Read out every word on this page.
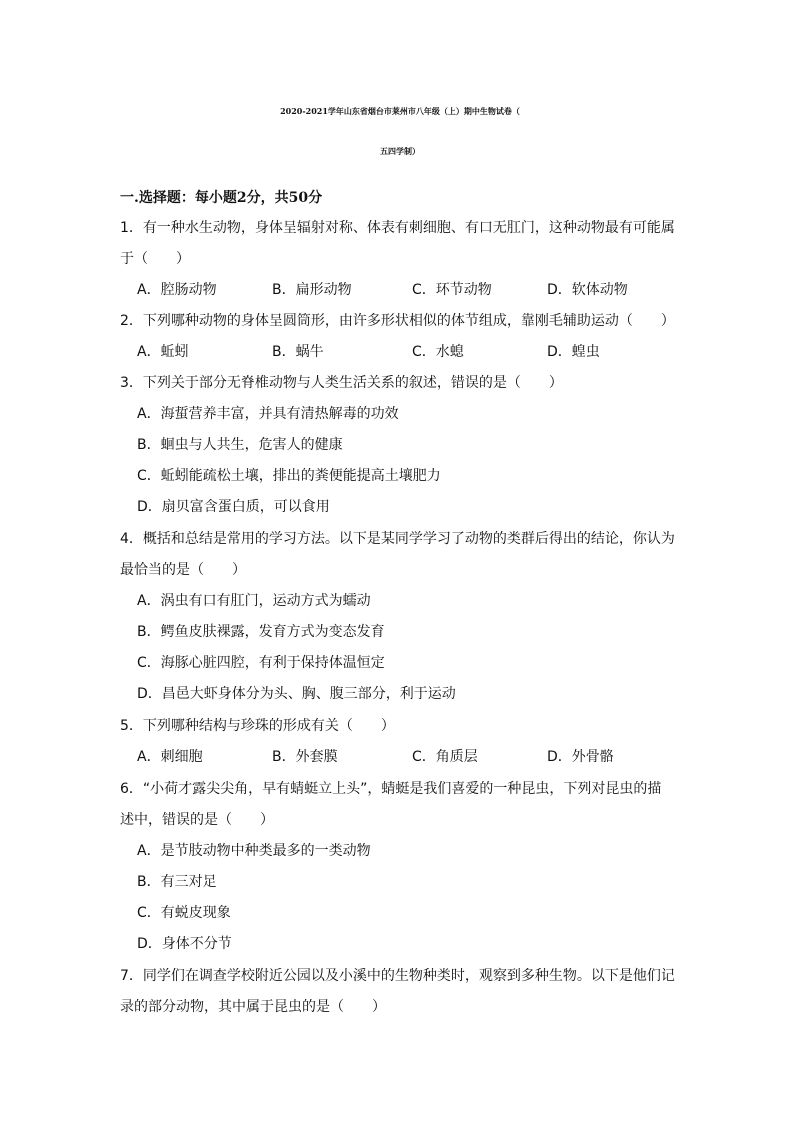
2020-2021学年山东省烟台市莱州市八年级（上）期中生物试卷（
五四学制）
一.选择题：每小题2分，共50分
1．有一种水生动物，身体呈辐射对称、体表有刺细胞、有口无肛门，这种动物最有可能属
于（　　）
A．腔肠动物	B．扁形动物	C．环节动物	D．软体动物
2．下列哪种动物的身体呈圆筒形，由许多形状相似的体节组成，靠刚毛辅助运动（　　）
A．蚯蚓	B．蜗牛	C．水螅	D．蝗虫
3．下列关于部分无脊椎动物与人类生活关系的叙述，错误的是（　　）
A．海蜇营养丰富，并具有清热解毒的功效
B．蛔虫与人共生，危害人的健康
C．蚯蚓能疏松土壤，排出的粪便能提高土壤肥力
D．扇贝富含蛋白质，可以食用
4．概括和总结是常用的学习方法。以下是某同学学习了动物的类群后得出的结论，你认为
最恰当的是（　　）
A．涡虫有口有肛门，运动方式为蠕动
B．鳄鱼皮肤裸露，发育方式为变态发育
C．海豚心脏四腔，有利于保持体温恒定
D．昌邑大虾身体分为头、胸、腹三部分，利于运动
5．下列哪种结构与珍珠的形成有关（　　）
A．刺细胞	B．外套膜	C．角质层	D．外骨骼
6．“小荷才露尖尖角，早有蜻蜓立上头”，蜻蜓是我们喜爱的一种昆虫，下列对昆虫的描
述中，错误的是（　　）
A．是节肢动物中种类最多的一类动物
B．有三对足
C．有蜕皮现象
D．身体不分节
7．同学们在调查学校附近公园以及小溪中的生物种类时，观察到多种生物。以下是他们记
录的部分动物，其中属于昆虫的是（　　）
